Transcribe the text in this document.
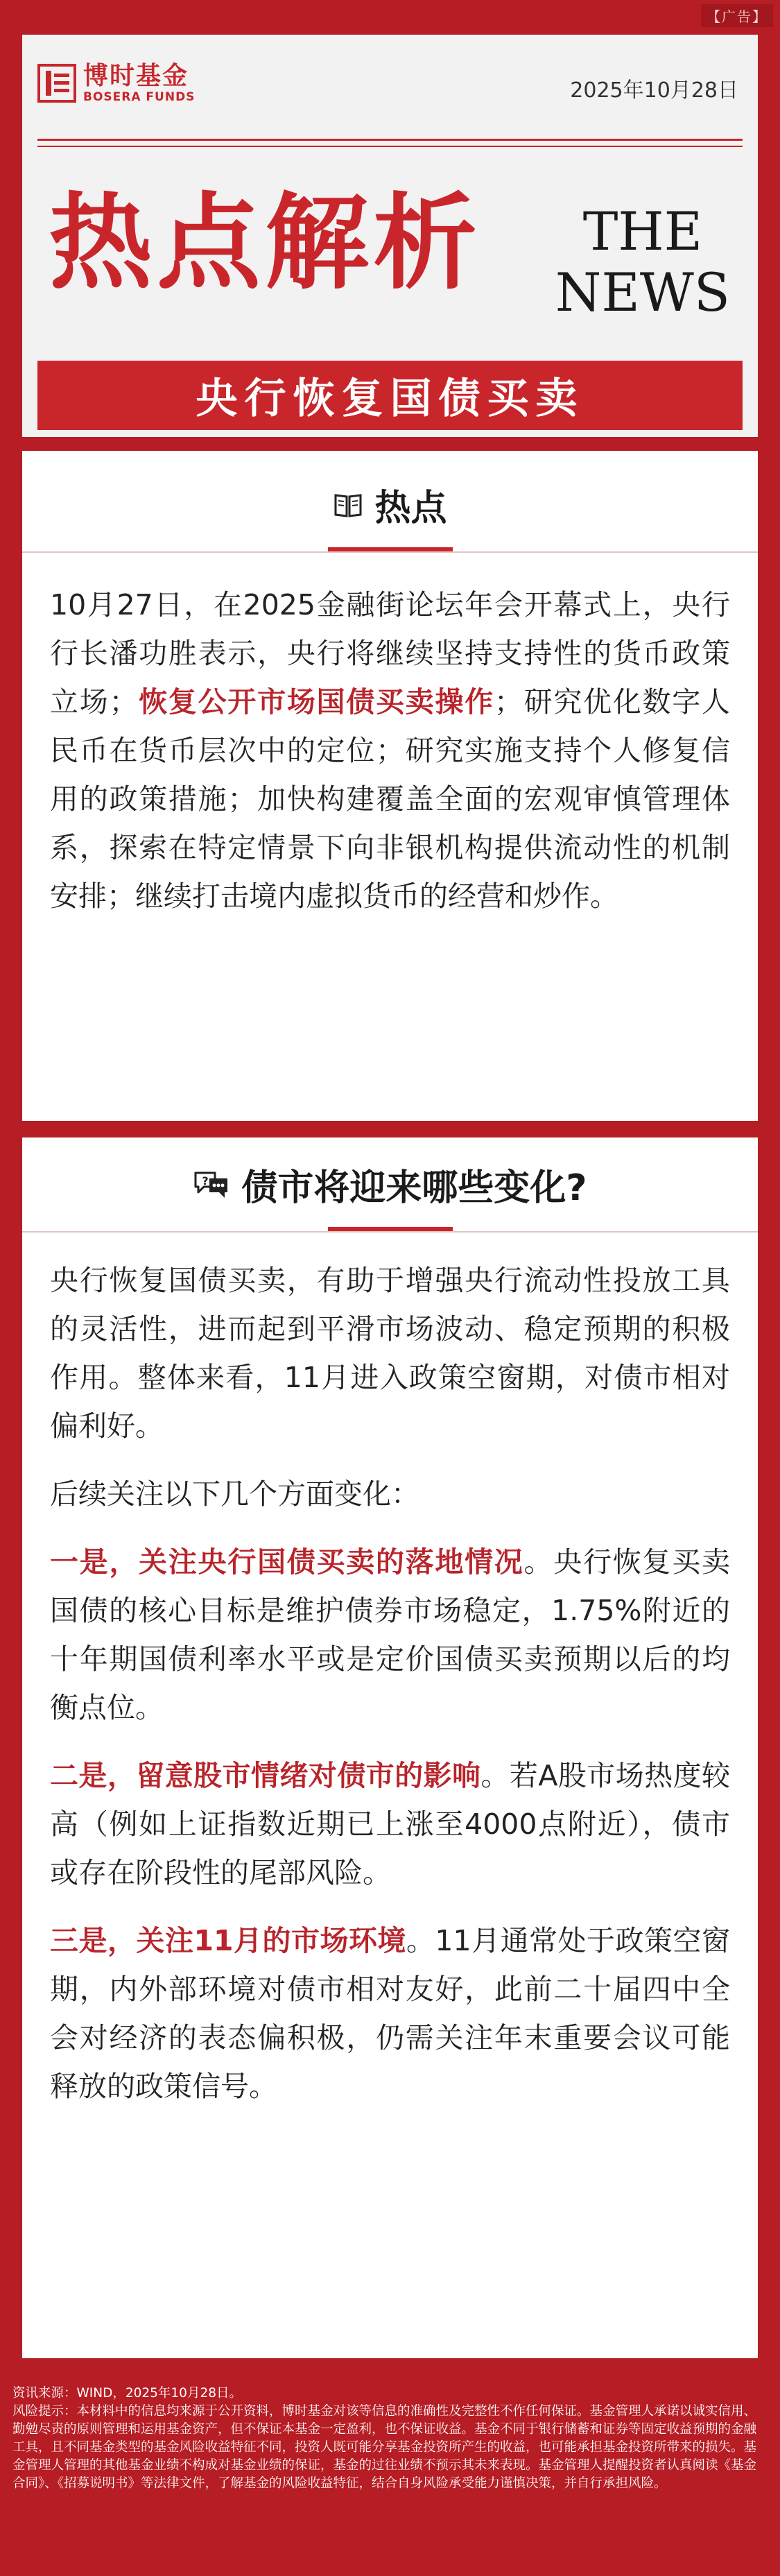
【广告】
博时基金
BOSERA FUNDS	2025年10月28日
热点解析	THE
NEWS
央行恢复国债买卖
热点

10月27日，在2025金融街论坛年会开幕式上，央行行长潘功胜表示，央行将继续坚持支持性的货币政策立场；恢复公开市场国债买卖操作；研究优化数字人民币在货币层次中的定位；研究实施支持个人修复信用的政策措施；加快构建覆盖全面的宏观审慎管理体系，探索在特定情景下向非银机构提供流动性的机制安排；继续打击境内虚拟货币的经营和炒作。

? 债市将迎来哪些变化?

央行恢复国债买卖，有助于增强央行流动性投放工具的灵活性，进而起到平滑市场波动、稳定预期的积极作用。整体来看，11月进入政策空窗期，对债市相对偏利好。

后续关注以下几个方面变化：

一是，关注央行国债买卖的落地情况。央行恢复买卖国债的核心目标是维护债券市场稳定，1.75%附近的十年期国债利率水平或是定价国债买卖预期以后的均衡点位。

二是，留意股市情绪对债市的影响。若A股市场热度较高（例如上证指数近期已上涨至4000点附近），债市或存在阶段性的尾部风险。

三是，关注11月的市场环境。11月通常处于政策空窗期，内外部环境对债市相对友好，此前二十届四中全会对经济的表态偏积极，仍需关注年末重要会议可能释放的政策信号。

资讯来源：WIND，2025年10月28日。
风险提示：本材料中的信息均来源于公开资料，博时基金对该等信息的准确性及完整性不作任何保证。基金管理人承诺以诚实信用、勤勉尽责的原则管理和运用基金资产，但不保证本基金一定盈利，也不保证收益。基金不同于银行储蓄和证券等固定收益预期的金融工具，且不同基金类型的基金风险收益特征不同，投资人既可能分享基金投资所产生的收益，也可能承担基金投资所带来的损失。基金管理人管理的其他基金业绩不构成对基金业绩的保证，基金的过往业绩不预示其未来表现。基金管理人提醒投资者认真阅读《基金合同》、《招募说明书》等法律文件，了解基金的风险收益特征，结合自身风险承受能力谨慎决策，并自行承担风险。
